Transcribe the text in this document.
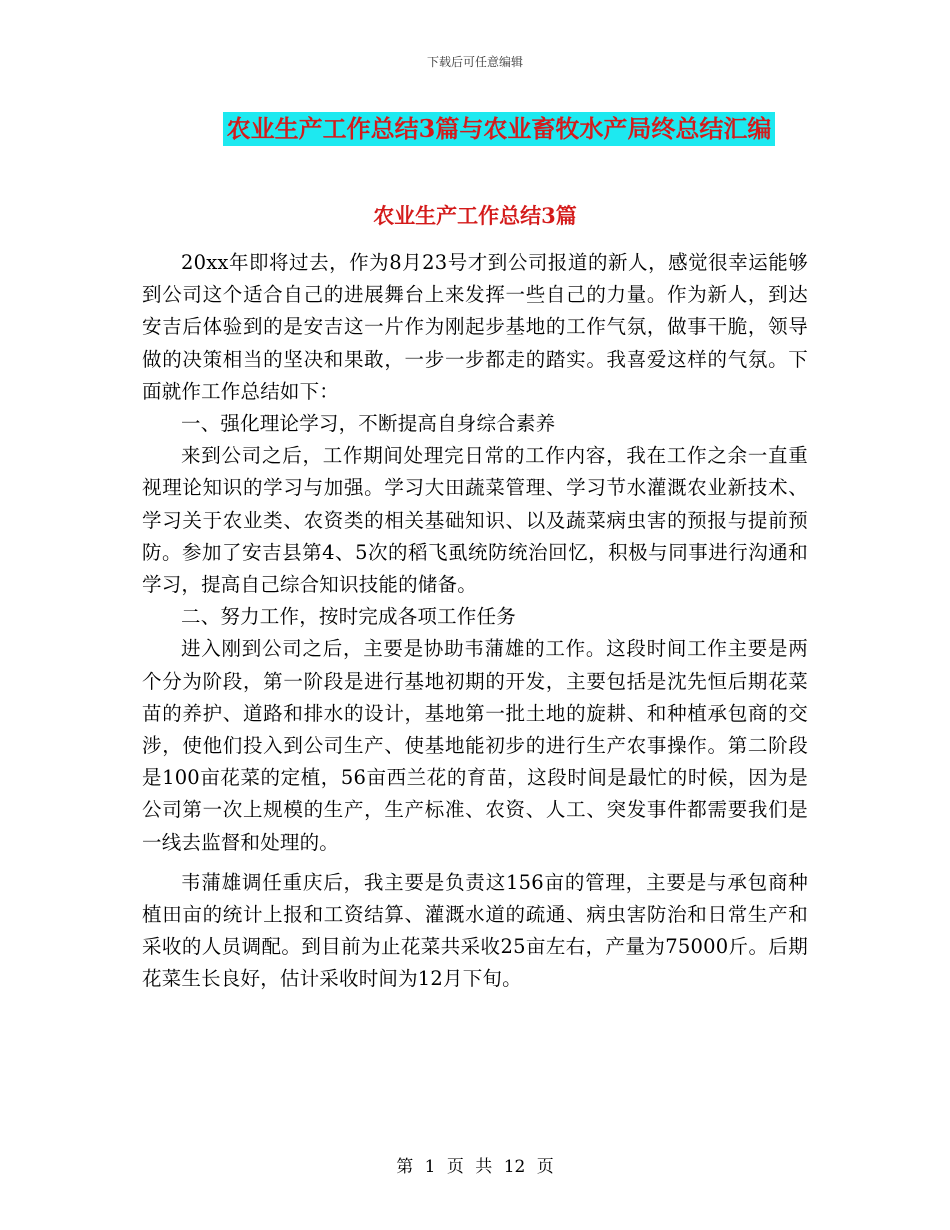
下载后可任意编辑
农业生产工作总结3篇与农业畜牧水产局终总结汇编
农业生产工作总结3篇

20xx年即将过去，作为8月23号才到公司报道的新人，感觉很幸运能够到公司这个适合自己的进展舞台上来发挥一些自己的力量。作为新人，到达安吉后体验到的是安吉这一片作为刚起步基地的工作气氛，做事干脆，领导做的决策相当的坚决和果敢，一步一步都走的踏实。我喜爱这样的气氛。下面就作工作总结如下：

一、强化理论学习，不断提高自身综合素养

来到公司之后，工作期间处理完日常的工作内容，我在工作之余一直重视理论知识的学习与加强。学习大田蔬菜管理、学习节水灌溉农业新技术、学习关于农业类、农资类的相关基础知识、以及蔬菜病虫害的预报与提前预防。参加了安吉县第4、5次的稻飞虱统防统治回忆，积极与同事进行沟通和学习，提高自己综合知识技能的储备。

二、努力工作，按时完成各项工作任务

进入刚到公司之后，主要是协助韦蒲雄的工作。这段时间工作主要是两个分为阶段，第一阶段是进行基地初期的开发，主要包括是沈先恒后期花菜苗的养护、道路和排水的设计，基地第一批土地的旋耕、和种植承包商的交涉，使他们投入到公司生产、使基地能初步的进行生产农事操作。第二阶段是100亩花菜的定植，56亩西兰花的育苗，这段时间是最忙的时候，因为是公司第一次上规模的生产，生产标准、农资、人工、突发事件都需要我们是一线去监督和处理的。

韦蒲雄调任重庆后，我主要是负责这156亩的管理，主要是与承包商种植田亩的统计上报和工资结算、灌溉水道的疏通、病虫害防治和日常生产和采收的人员调配。到目前为止花菜共采收25亩左右，产量为75000斤。后期花菜生长良好，估计采收时间为12月下旬。

第 1 页 共 12 页
